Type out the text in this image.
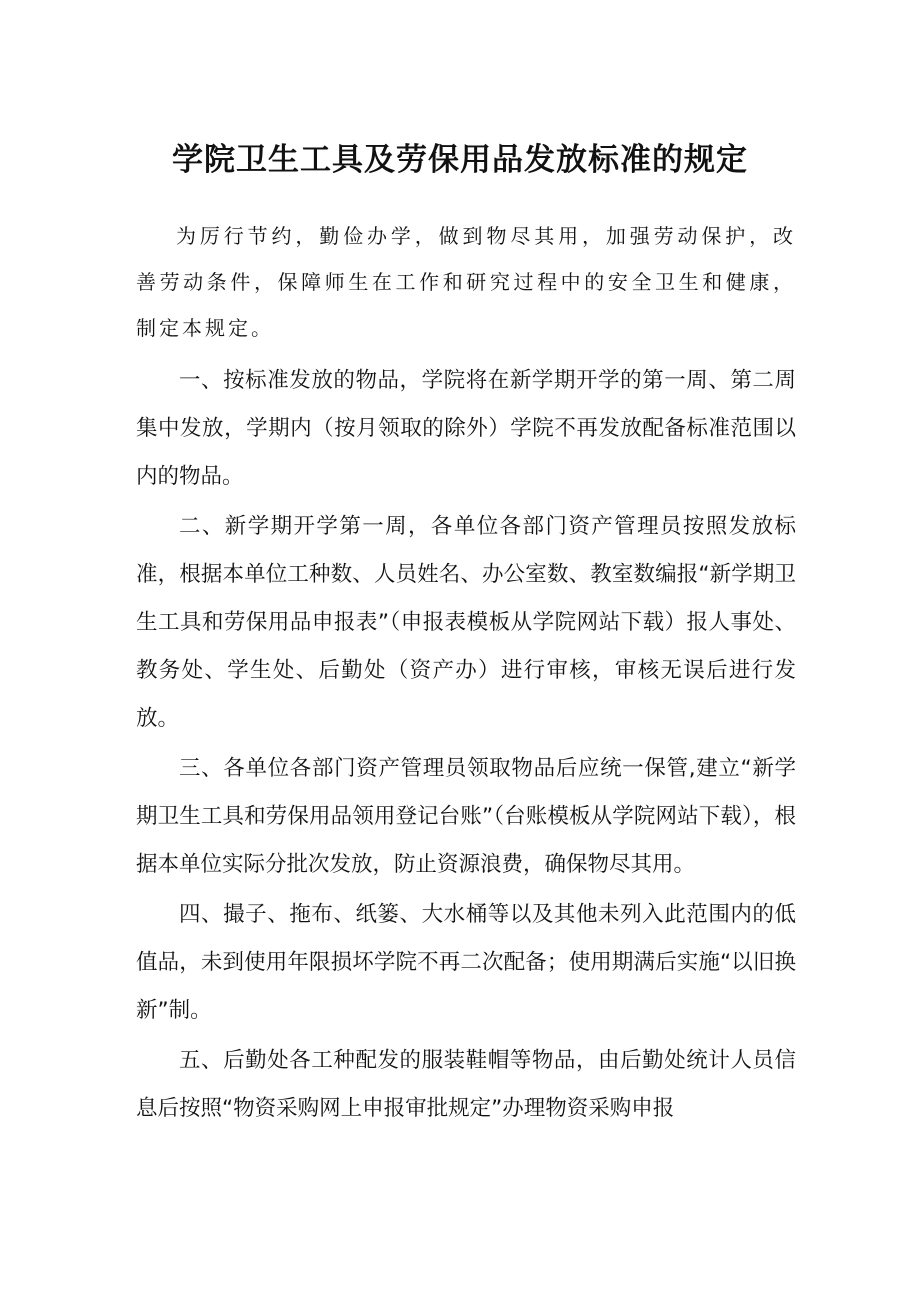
学院卫生工具及劳保用品发放标准的规定

为厉行节约，勤俭办学，做到物尽其用，加强劳动保护，改善劳动条件，保障师生在工作和研究过程中的安全卫生和健康，制定本规定。

一、按标准发放的物品，学院将在新学期开学的第一周、第二周集中发放，学期内（按月领取的除外）学院不再发放配备标准范围以内的物品。

二、新学期开学第一周，各单位各部门资产管理员按照发放标准，根据本单位工种数、人员姓名、办公室数、教室数编报“新学期卫生工具和劳保用品申报表”（申报表模板从学院网站下载）报人事处、教务处、学生处、后勤处（资产办）进行审核，审核无误后进行发放。

三、各单位各部门资产管理员领取物品后应统一保管,建立“新学期卫生工具和劳保用品领用登记台账”（台账模板从学院网站下载），根据本单位实际分批次发放，防止资源浪费，确保物尽其用。

四、撮子、拖布、纸篓、大水桶等以及其他未列入此范围内的低值品，未到使用年限损坏学院不再二次配备；使用期满后实施“以旧换新”制。

五、后勤处各工种配发的服装鞋帽等物品，由后勤处统计人员信息后按照“物资采购网上申报审批规定”办理物资采购申报
